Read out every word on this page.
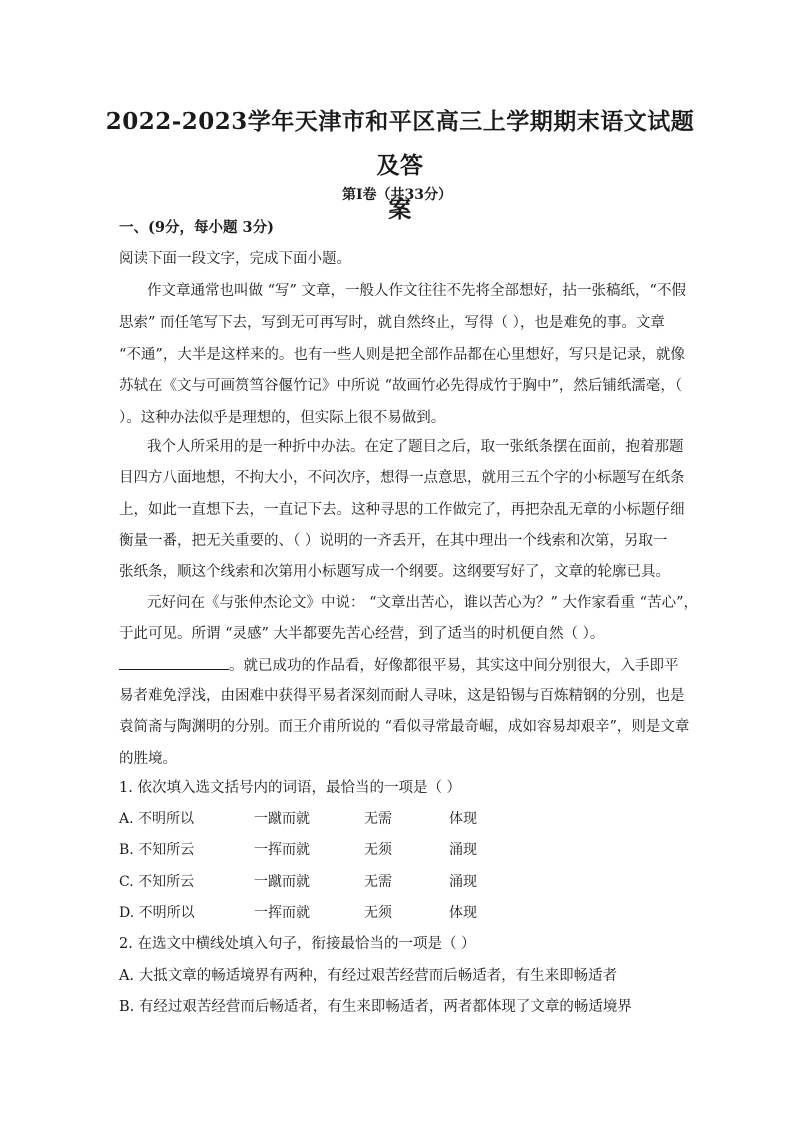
2022-2023学年天津市和平区高三上学期期末语文试题及答
案
第Ⅰ卷（共33分）
一、(9分，每小题 3分)
阅读下面一段文字，完成下面小题。
作文章通常也叫做 “写” 文章，一般人作文往往不先将全部想好，拈一张稿纸，“不假
思索” 而任笔写下去，写到无可再写时，就自然终止，写得（ ），也是难免的事。文章
“不通”，大半是这样来的。也有一些人则是把全部作品都在心里想好，写只是记录，就像
苏轼在《文与可画筼筜谷偃竹记》中所说 “故画竹必先得成竹于胸中”，然后铺纸濡毫，（
）。这种办法似乎是理想的，但实际上很不易做到。
我个人所采用的是一种折中办法。在定了题目之后，取一张纸条摆在面前，抱着那题
目四方八面地想，不拘大小，不问次序，想得一点意思，就用三五个字的小标题写在纸条
上，如此一直想下去，一直记下去。这种寻思的工作做完了，再把杂乱无章的小标题仔细
衡量一番，把无关重要的、（ ）说明的一齐丢开，在其中理出一个线索和次第，另取一
张纸条，顺这个线索和次第用小标题写成一个纲要。这纲要写好了，文章的轮廓已具。
元好问在《与张仲杰论文》中说： “文章出苦心，谁以苦心为？” 大作家看重 “苦心”，
于此可见。所谓 “灵感” 大半都要先苦心经营，到了适当的时机便自然（ ）。
。就已成功的作品看，好像都很平易，其实这中间分别很大，入手即平
易者难免浮浅，由困难中获得平易者深刻而耐人寻味，这是铅锡与百炼精钢的分别，也是
袁简斋与陶渊明的分别。而王介甫所说的 “看似寻常最奇崛，成如容易却艰辛”，则是文章
的胜境。
1. 依次填入选文括号内的词语，最恰当的一项是（ ）
A. 不明所以	一蹴而就	无需	体现
B. 不知所云	一挥而就	无须	涌现
C. 不知所云	一蹴而就	无需	涌现
D. 不明所以	一挥而就	无须	体现
2. 在选文中横线处填入句子，衔接最恰当的一项是（ ）
A. 大抵文章的畅适境界有两种，有经过艰苦经营而后畅适者，有生来即畅适者
B. 有经过艰苦经营而后畅适者，有生来即畅适者，两者都体现了文章的畅适境界
